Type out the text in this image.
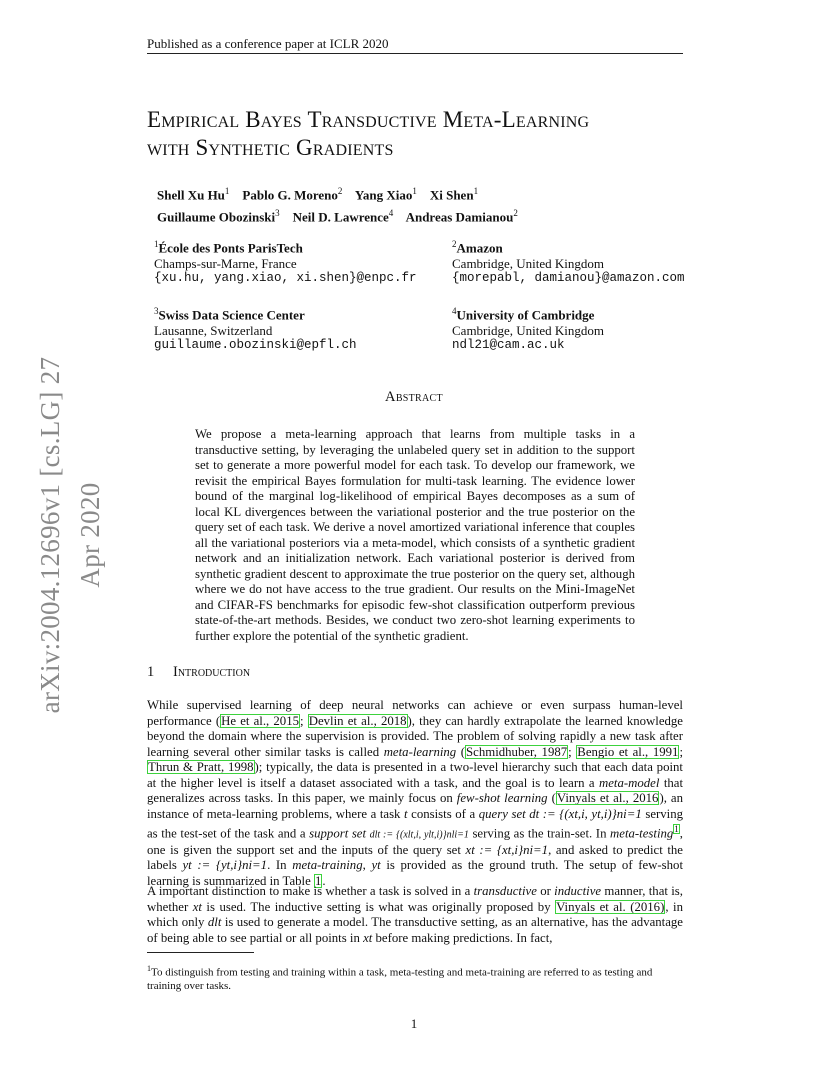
Published as a conference paper at ICLR 2020
arXiv:2004.12696v1 [cs.LG] 27 Apr 2020
Empirical Bayes Transductive Meta-Learning
with Synthetic Gradients
Shell Xu Hu$^1$ Pablo G. Moreno$^2$ Yang Xiao$^1$ Xi Shen$^1$
Guillaume Obozinski$^3$ Neil D. Lawrence$^4$ Andreas Damianou$^2$
$^1$École des Ponts ParisTech
Champs-sur-Marne, France
{xu.hu, yang.xiao, xi.shen}@enpc.fr
$^2$Amazon
Cambridge, United Kingdom
{morepabl, damianou}@amazon.com
$^3$Swiss Data Science Center
Lausanne, Switzerland
guillaume.obozinski@epfl.ch
$^4$University of Cambridge
Cambridge, United Kingdom
ndl21@cam.ac.uk
Abstract
We propose a meta-learning approach that learns from multiple tasks in a transductive setting, by leveraging the unlabeled query set in addition to the support set to generate a more powerful model for each task. To develop our framework, we revisit the empirical Bayes formulation for multi-task learning. The evidence lower bound of the marginal log-likelihood of empirical Bayes decomposes as a sum of local KL divergences between the variational posterior and the true posterior on the query set of each task. We derive a novel amortized variational inference that couples all the variational posteriors via a meta-model, which consists of a synthetic gradient network and an initialization network. Each variational posterior is derived from synthetic gradient descent to approximate the true posterior on the query set, although where we do not have access to the true gradient. Our results on the Mini-ImageNet and CIFAR-FS benchmarks for episodic few-shot classification outperform previous state-of-the-art methods. Besides, we conduct two zero-shot learning experiments to further explore the potential of the synthetic gradient.
1 Introduction
While supervised learning of deep neural networks can achieve or even surpass human-level performance (He et al., 2015; Devlin et al., 2018), they can hardly extrapolate the learned knowledge beyond the domain where the supervision is provided. The problem of solving rapidly a new task after learning several other similar tasks is called meta-learning (Schmidhuber, 1987; Bengio et al., 1991; Thrun & Pratt, 1998); typically, the data is presented in a two-level hierarchy such that each data point at the higher level is itself a dataset associated with a task, and the goal is to learn a meta-model that generalizes across tasks. In this paper, we mainly focus on few-shot learning (Vinyals et al., 2016), an instance of meta-learning problems, where a task t consists of a query set dt := {(xt,i, yt,i)}ni=1 serving as the test-set of the task and a support set dlt := {(xlt,i, ylt,i)}nli=1 serving as the train-set. In meta-testing$^1$, one is given the support set and the inputs of the query set xt := {xt,i}ni=1, and asked to predict the labels yt := {yt,i}ni=1. In meta-training, yt is provided as the ground truth. The setup of few-shot learning is summarized in Table 1.
A important distinction to make is whether a task is solved in a transductive or inductive manner, that is, whether xt is used. The inductive setting is what was originally proposed by Vinyals et al. (2016), in which only dlt is used to generate a model. The transductive setting, as an alternative, has the advantage of being able to see partial or all points in xt before making predictions. In fact,
$^1$To distinguish from testing and training within a task, meta-testing and meta-training are referred to as testing and training over tasks.
1
